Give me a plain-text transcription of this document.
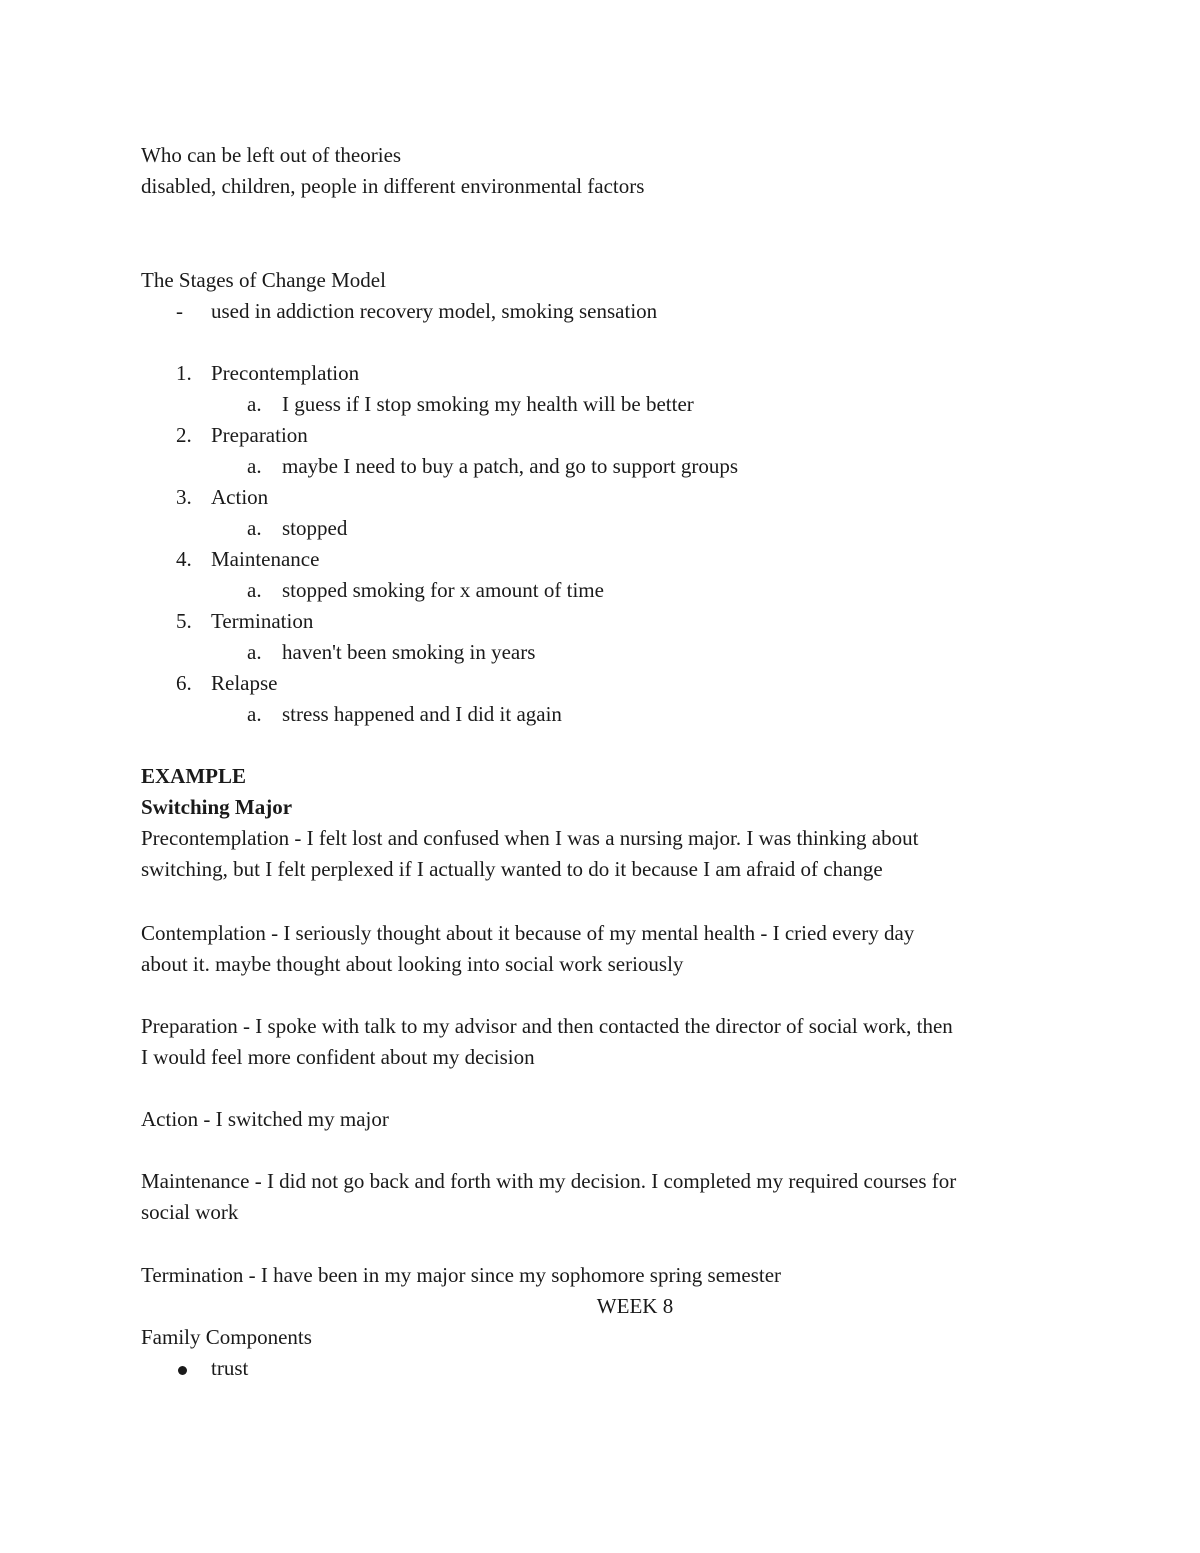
Who can be left out of theories
disabled, children, people in different environmental factors
The Stages of Change Model
- used in addiction recovery model, smoking sensation
1. Precontemplation
a. I guess if I stop smoking my health will be better
2. Preparation
a. maybe I need to buy a patch, and go to support groups
3. Action
a. stopped
4. Maintenance
a. stopped smoking for x amount of time
5. Termination
a. haven't been smoking in years
6. Relapse
a. stress happened and I did it again
EXAMPLE
Switching Major
Precontemplation - I felt lost and confused when I was a nursing major. I was thinking about
switching, but I felt perplexed if I actually wanted to do it because I am afraid of change
Contemplation - I seriously thought about it because of my mental health - I cried every day
about it. maybe thought about looking into social work seriously
Preparation - I spoke with talk to my advisor and then contacted the director of social work, then
I would feel more confident about my decision
Action - I switched my major
Maintenance - I did not go back and forth with my decision. I completed my required courses for
social work
Termination - I have been in my major since my sophomore spring semester
WEEK 8
Family Components
trust
